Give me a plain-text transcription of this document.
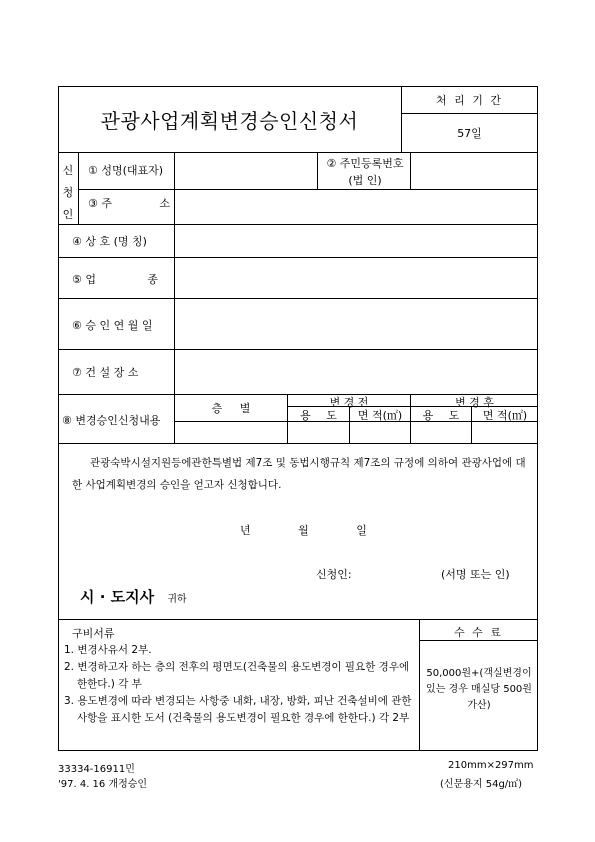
관광사업계획변경승인신청서
처 리 기 간
57일
신청인
① 성명(대표자)
② 주민등록번호
(법 인)
③ 주	소
④ 상 호 (명 칭)
⑤ 업	종
⑥ 승 인 연 월 일
⑦ 건 설 장 소
⑧ 변경승인신청내용
층 별	변 경 전	변 경 후
용 도	면 적(㎡)	용 도	면 적(㎡)
관광숙박시설지원등에관한특별법 제7조 및 동법시행규칙 제7조의 규정에 의하여 관광사업에 대한 사업계획변경의 승인을 얻고자 신청합니다.
년 월 일
신청인:	(서명 또는 인)
시 · 도지사 귀하
구비서류
1. 변경사유서 2부.
2. 변경하고자 하는 층의 전후의 평면도(건축물의 용도변경이 필요한 경우에 한한다.) 각 부
3. 용도변경에 따라 변경되는 사항중 내화, 내장, 방화, 피난 건축설비에 관한 사항을 표시한 도서 (건축물의 용도변경이 필요한 경우에 한한다.) 각 2부
수 수 료
50,000원+(객실변경이 있는 경우 매실당 500원 가산)
33334-16911민
'97. 4. 16 개정승인
210mm×297mm
(신문용지 54g/㎡)
